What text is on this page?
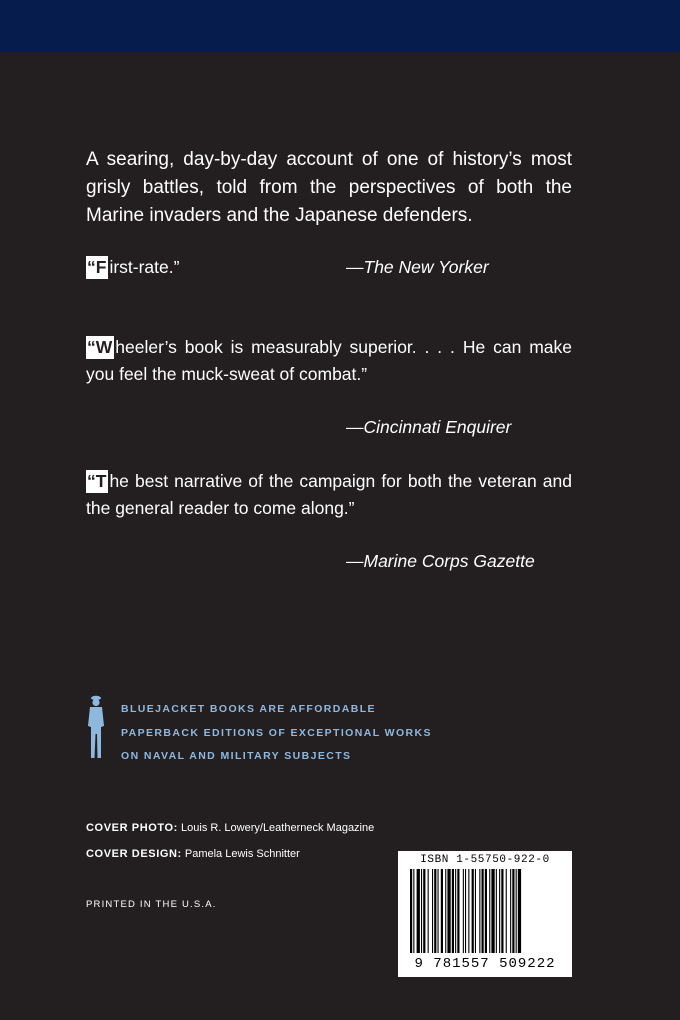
A searing, day-by-day account of one of history’s most grisly battles, told from the perspectives of both the Marine invaders and the Japanese defenders.

“F irst-rate.”	—The New Yorker

“W heeler’s book is measurably superior. . . . He can make you feel the muck-sweat of combat.”

—Cincinnati Enquirer

“T he best narrative of the campaign for both the veteran and the general reader to come along.”

—Marine Corps Gazette

BLUEJACKET BOOKS ARE AFFORDABLE
PAPERBACK EDITIONS OF EXCEPTIONAL WORKS
ON NAVAL AND MILITARY SUBJECTS

COVER PHOTO: Louis R. Lowery/Leatherneck Magazine
COVER DESIGN: Pamela Lewis Schnitter
PRINTED IN THE U.S.A.
ISBN 1-55750-922-0
9 781557 509222
